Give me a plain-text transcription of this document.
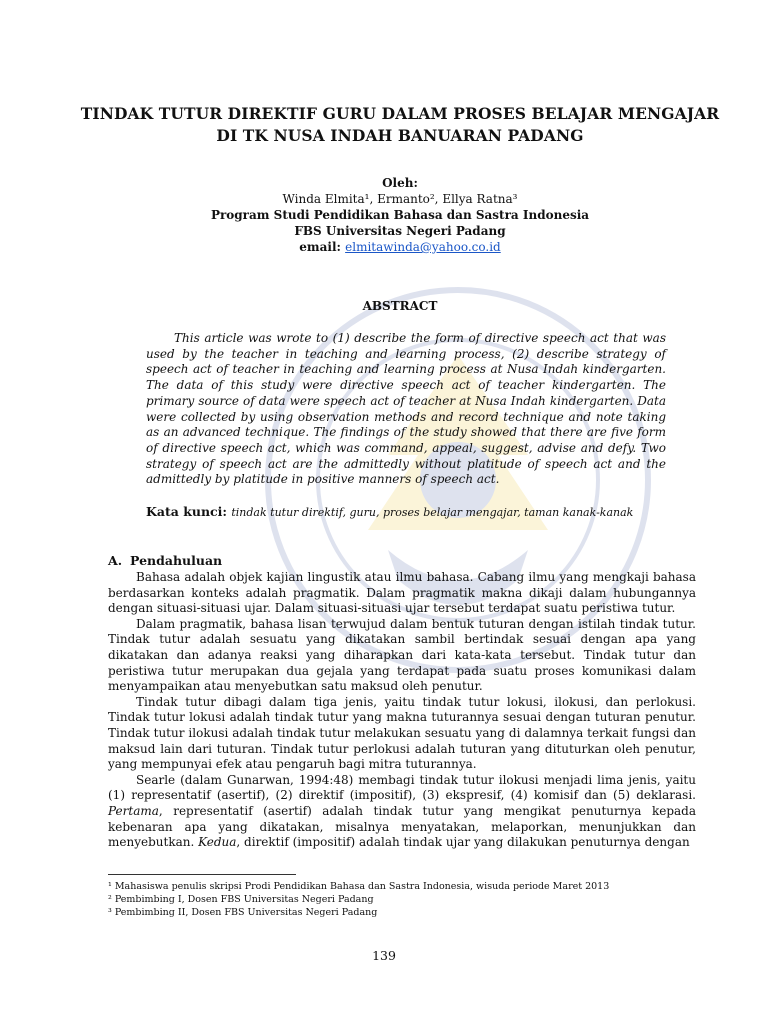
TINDAK TUTUR DIREKTIF GURU DALAM PROSES BELAJAR MENGAJAR
DI TK NUSA INDAH BANUARAN PADANG
Oleh:
Winda Elmita¹, Ermanto², Ellya Ratna³
Program Studi Pendidikan Bahasa dan Sastra Indonesia
FBS Universitas Negeri Padang
email: elmitawinda@yahoo.co.id
ABSTRACT
This article was wrote to (1) describe the form of directive speech act that was used by the teacher in teaching and learning process, (2) describe strategy of speech act of teacher in teaching and learning process at Nusa Indah kindergarten. The data of this study were directive speech act of teacher kindergarten. The primary source of data were speech act of teacher at Nusa Indah kindergarten. Data were collected by using observation methods and record technique and note taking as an advanced technique. The findings of the study showed that there are five form of directive speech act, which was command, appeal, suggest, advise and defy. Two strategy of speech act are the admittedly without platitude of speech act and the admittedly by platitude in positive manners of speech act.
Kata kunci: tindak tutur direktif, guru, proses belajar mengajar, taman kanak-kanak
A. Pendahuluan

Bahasa adalah objek kajian lingustik atau ilmu bahasa. Cabang ilmu yang mengkaji bahasa berdasarkan konteks adalah pragmatik. Dalam pragmatik makna dikaji dalam hubungannya dengan situasi-situasi ujar. Dalam situasi-situasi ujar tersebut terdapat suatu peristiwa tutur.

Dalam pragmatik, bahasa lisan terwujud dalam bentuk tuturan dengan istilah tindak tutur. Tindak tutur adalah sesuatu yang dikatakan sambil bertindak sesuai dengan apa yang dikatakan dan adanya reaksi yang diharapkan dari kata-kata tersebut. Tindak tutur dan peristiwa tutur merupakan dua gejala yang terdapat pada suatu proses komunikasi dalam menyampaikan atau menyebutkan satu maksud oleh penutur.

Tindak tutur dibagi dalam tiga jenis, yaitu tindak tutur lokusi, ilokusi, dan perlokusi. Tindak tutur lokusi adalah tindak tutur yang makna tuturannya sesuai dengan tuturan penutur. Tindak tutur ilokusi adalah tindak tutur melakukan sesuatu yang di dalamnya terkait fungsi dan maksud lain dari tuturan. Tindak tutur perlokusi adalah tuturan yang dituturkan oleh penutur, yang mempunyai efek atau pengaruh bagi mitra tuturannya.

Searle (dalam Gunarwan, 1994:48) membagi tindak tutur ilokusi menjadi lima jenis, yaitu (1) representatif (asertif), (2) direktif (impositif), (3) ekspresif, (4) komisif dan (5) deklarasi. Pertama, representatif (asertif) adalah tindak tutur yang mengikat penuturnya kepada kebenaran apa yang dikatakan, misalnya menyatakan, melaporkan, menunjukkan dan menyebutkan. Kedua, direktif (impositif) adalah tindak ujar yang dilakukan penuturnya dengan

¹ Mahasiswa penulis skripsi Prodi Pendidikan Bahasa dan Sastra Indonesia, wisuda periode Maret 2013
² Pembimbing I, Dosen FBS Universitas Negeri Padang
³ Pembimbing II, Dosen FBS Universitas Negeri Padang
139
